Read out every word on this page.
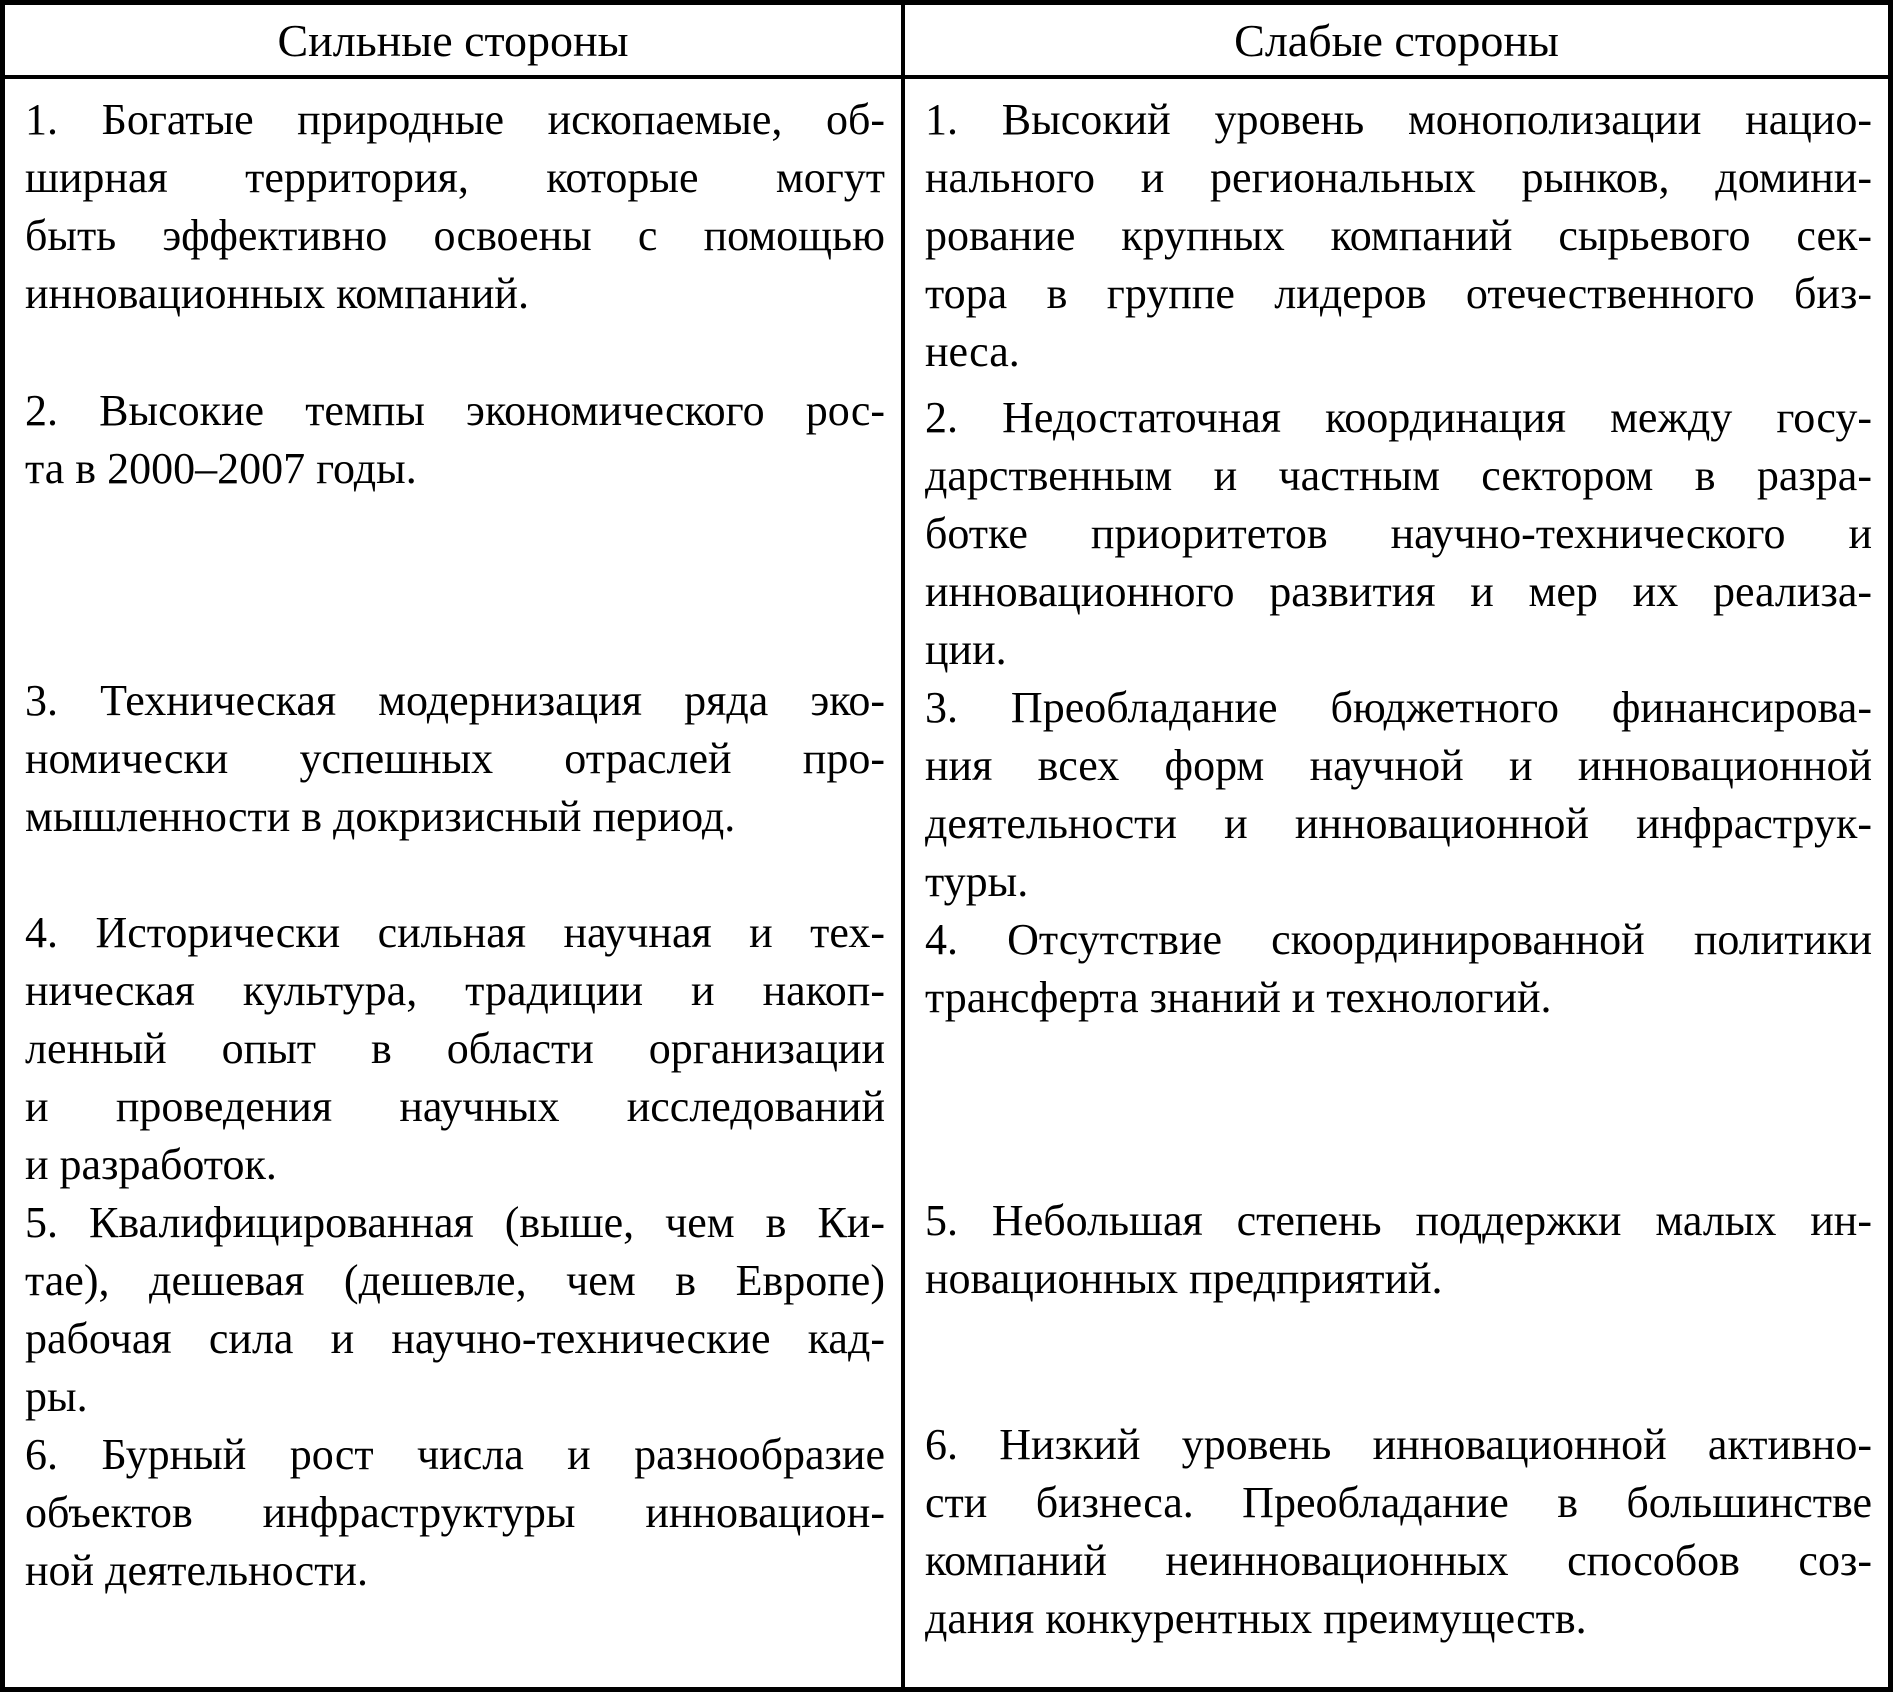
Сильные стороны	Слабые стороны
1. Богатые природные ископаемые, об-
ширная территория, которые могут
быть эффективно освоены с помощью
инновационных компаний.
2. Высокие темпы экономического рос-
та в 2000–2007 годы.
3. Техническая модернизация ряда эко-
номически успешных отраслей про-
мышленности в докризисный период.
4. Исторически сильная научная и тех-
ническая культура, традиции и накоп-
ленный опыт в области организации
и проведения научных исследований
и разработок.
5. Квалифицированная (выше, чем в Ки-
тае), дешевая (дешевле, чем в Европе)
рабочая сила и научно-технические кад-
ры.
6. Бурный рост числа и разнообразие
объектов инфраструктуры инновацион-
ной деятельности.
1. Высокий уровень монополизации нацио-
нального и региональных рынков, домини-
рование крупных компаний сырьевого сек-
тора в группе лидеров отечественного биз-
неса.
2. Недостаточная координация между госу-
дарственным и частным сектором в разра-
ботке приоритетов научно-технического и
инновационного развития и мер их реализа-
ции.
3. Преобладание бюджетного финансирова-
ния всех форм научной и инновационной
деятельности и инновационной инфраструк-
туры.
4. Отсутствие скоординированной политики
трансферта знаний и технологий.
5. Небольшая степень поддержки малых ин-
новационных предприятий.
6. Низкий уровень инновационной активно-
сти бизнеса. Преобладание в большинстве
компаний неинновационных способов соз-
дания конкурентных преимуществ.
